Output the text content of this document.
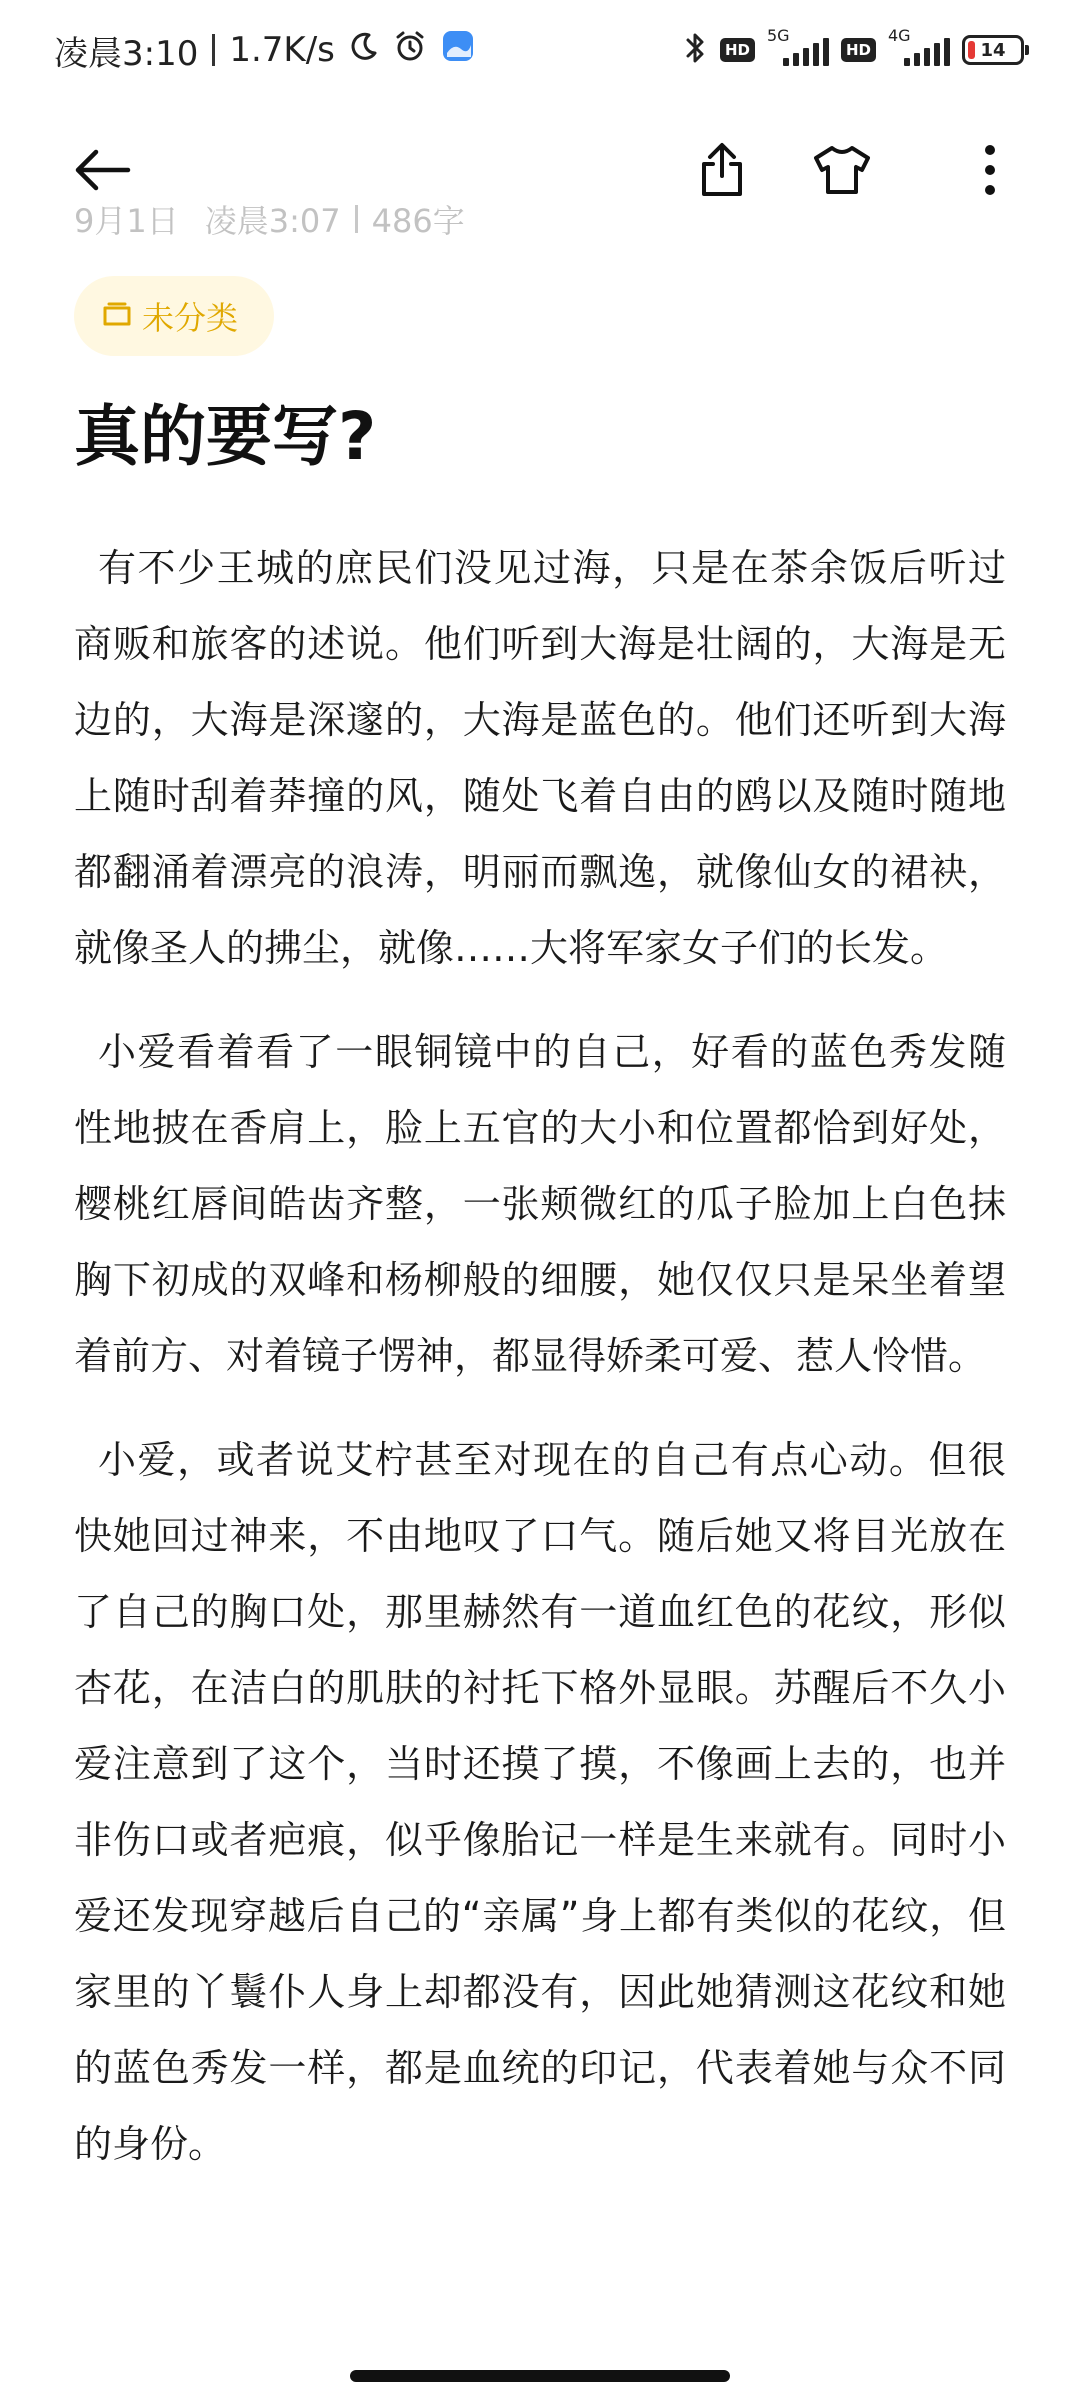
凌晨3:10 1.7K/s	HD
5G
HD
4G
14
9月1日 凌晨3:07 486字
未分类
真的要写?

有不少王城的庶民们没见过海，只是在茶余饭后听过商贩和旅客的述说。他们听到大海是壮阔的，大海是无边的，大海是深邃的，大海是蓝色的。他们还听到大海上随时刮着莽撞的风，随处飞着自由的鸥以及随时随地都翻涌着漂亮的浪涛，明丽而飘逸，就像仙女的裙袂，就像圣人的拂尘，就像……大将军家女子们的长发。

小爱看着看了一眼铜镜中的自己，好看的蓝色秀发随性地披在香肩上，脸上五官的大小和位置都恰到好处，樱桃红唇间皓齿齐整，一张颊微红的瓜子脸加上白色抹胸下初成的双峰和杨柳般的细腰，她仅仅只是呆坐着望着前方、对着镜子愣神，都显得娇柔可爱、惹人怜惜。

小爱，或者说艾柠甚至对现在的自己有点心动。但很快她回过神来，不由地叹了口气。随后她又将目光放在了自己的胸口处，那里赫然有一道血红色的花纹，形似杏花，在洁白的肌肤的衬托下格外显眼。苏醒后不久小爱注意到了这个，当时还摸了摸，不像画上去的，也并非伤口或者疤痕，似乎像胎记一样是生来就有。同时小爱还发现穿越后自己的“亲属”身上都有类似的花纹，但家里的丫鬟仆人身上却都没有，因此她猜测这花纹和她的蓝色秀发一样，都是血统的印记，代表着她与众不同的身份。
